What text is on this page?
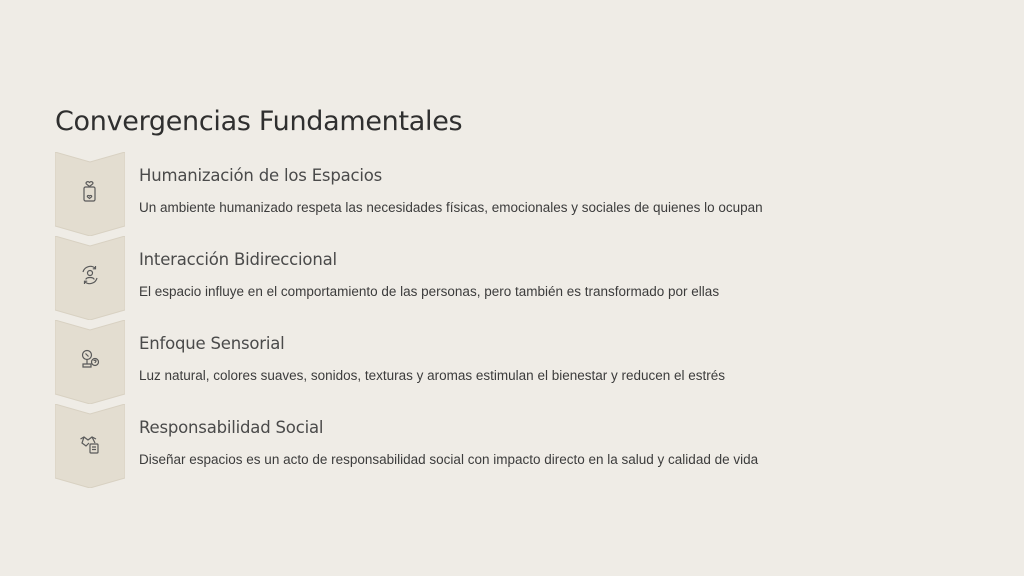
Convergencias Fundamentales
Humanización de los Espacios
Un ambiente humanizado respeta las necesidades físicas, emocionales y sociales de quienes lo ocupan
Interacción Bidireccional
El espacio influye en el comportamiento de las personas, pero también es transformado por ellas
Enfoque Sensorial
Luz natural, colores suaves, sonidos, texturas y aromas estimulan el bienestar y reducen el estrés
Responsabilidad Social
Diseñar espacios es un acto de responsabilidad social con impacto directo en la salud y calidad de vida
